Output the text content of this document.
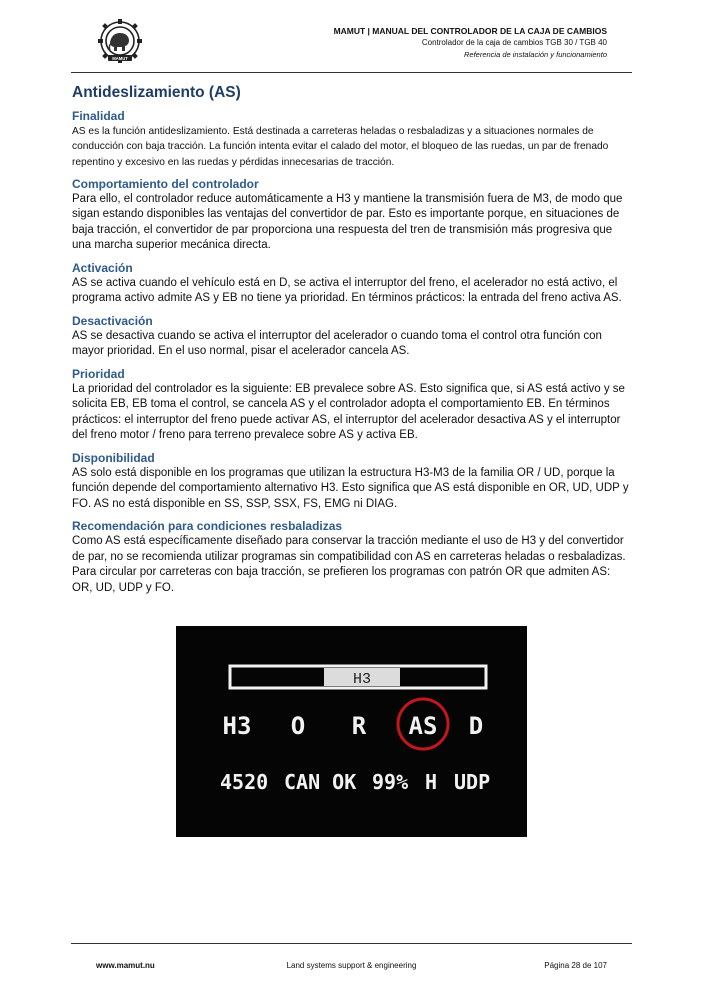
MAMUT
MAMUT | MANUAL DEL CONTROLADOR DE LA CAJA DE CAMBIOS
Controlador de la caja de cambios TGB 30 / TGB 40
Referencia de instalación y funcionamiento
Antideslizamiento (AS)
Finalidad

AS es la función antideslizamiento. Está destinada a carreteras heladas o resbaladizas y a situaciones normales de conducción con baja tracción. La función intenta evitar el calado del motor, el bloqueo de las ruedas, un par de frenado repentino y excesivo en las ruedas y pérdidas innecesarias de tracción.

Comportamiento del controlador

Para ello, el controlador reduce automáticamente a H3 y mantiene la transmisión fuera de M3, de modo que sigan estando disponibles las ventajas del convertidor de par. Esto es importante porque, en situaciones de baja tracción, el convertidor de par proporciona una respuesta del tren de transmisión más progresiva que una marcha superior mecánica directa.

Activación

AS se activa cuando el vehículo está en D, se activa el interruptor del freno, el acelerador no está activo, el programa activo admite AS y EB no tiene ya prioridad. En términos prácticos: la entrada del freno activa AS.

Desactivación

AS se desactiva cuando se activa el interruptor del acelerador o cuando toma el control otra función con mayor prioridad. En el uso normal, pisar el acelerador cancela AS.

Prioridad

La prioridad del controlador es la siguiente: EB prevalece sobre AS. Esto significa que, si AS está activo y se solicita EB, EB toma el control, se cancela AS y el controlador adopta el comportamiento EB. En términos prácticos: el interruptor del freno puede activar AS, el interruptor del acelerador desactiva AS y el interruptor del freno motor / freno para terreno prevalece sobre AS y activa EB.

Disponibilidad

AS solo está disponible en los programas que utilizan la estructura H3-M3 de la familia OR / UD, porque la función depende del comportamiento alternativo H3. Esto significa que AS está disponible en OR, UD, UDP y FO. AS no está disponible en SS, SSP, SSX, FS, EMG ni DIAG.

Recomendación para condiciones resbaladizas

Como AS está específicamente diseñado para conservar la tracción mediante el uso de H3 y del convertidor de par, no se recomienda utilizar programas sin compatibilidad con AS en carreteras heladas o resbaladizas. Para circular por carreteras con baja tracción, se prefieren los programas con patrón OR que admiten AS: OR, UD, UDP y FO.

H3
H3 O R AS D
4520 CAN OK 99% H UDP
www.mamut.nu	Land systems support & engineering	Página 28 de 107
